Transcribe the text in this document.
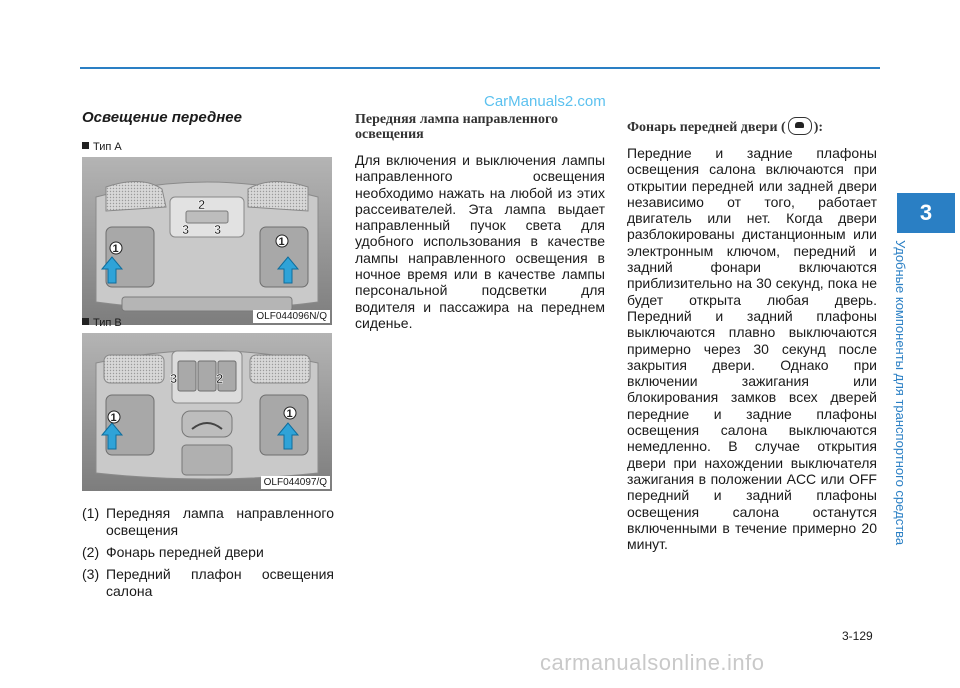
CarManuals2.com
Освещение переднее
Тип A
2
3 3
1
1
OLF044096N/Q
Тип B
3	2
1	1
OLF044097/Q
(1) Передняя лампа направленного освещения
(2) Фонарь передней двери
(3) Передний плафон освещения салона
Передняя лампа направленного освещения
Для включения и выключения лампы направленного освещения необходимо нажать на любой из этих рассеивателей. Эта лампа выдает направленный пучок света для удобного использования в качестве лампы направленного освещения в ночное время или в качестве лампы персональной подсветки для водителя и пассажира на переднем сиденье.
Фонарь передней двери ( ):
Передние и задние плафоны освещения салона включаются при открытии передней или задней двери независимо от того, работает двигатель или нет. Когда двери разблокированы дистанционным или электронным ключом, передний и задний фонари включаются приблизительно на 30 секунд, пока не будет открыта любая дверь. Передний и задний плафоны выключаются плавно выключаются примерно через 30 секунд после закрытия двери. Однако при включении зажигания или блокирования замков всех дверей передние и задние плафоны освещения салона выключаются немедленно. В случае открытия двери при нахождении выключателя зажигания в положении ACC или OFF передний и задний плафоны освещения салона останутся включенными в течение примерно 20 минут.
3
Удобные компоненты для транспортного средства
3-129
carmanualsonline.info
